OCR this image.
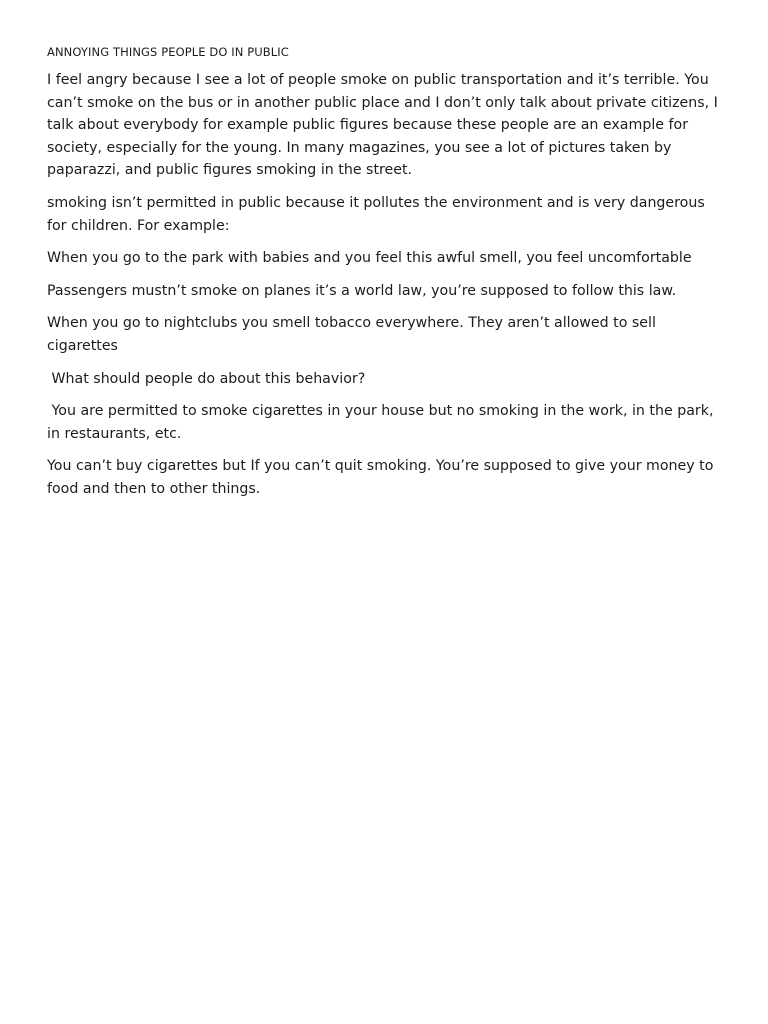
ANNOYING THINGS PEOPLE DO IN PUBLIC

I feel angry because I see a lot of people smoke on public transportation and it’s terrible. You can’t smoke on the bus or in another public place and I don’t only talk about private citizens, I talk about everybody for example public figures because these people are an example for society, especially for the young. In many magazines, you see a lot of pictures taken by paparazzi, and public figures smoking in the street.

smoking isn’t permitted in public because it pollutes the environment and is very dangerous for children. For example:

When you go to the park with babies and you feel this awful smell, you feel uncomfortable

Passengers mustn’t smoke on planes it’s a world law, you’re supposed to follow this law.

When you go to nightclubs you smell tobacco everywhere. They aren’t allowed to sell cigarettes

What should people do about this behavior?

You are permitted to smoke cigarettes in your house but no smoking in the work, in the park, in restaurants, etc.

You can’t buy cigarettes but If you can’t quit smoking. You’re supposed to give your money to food and then to other things.
